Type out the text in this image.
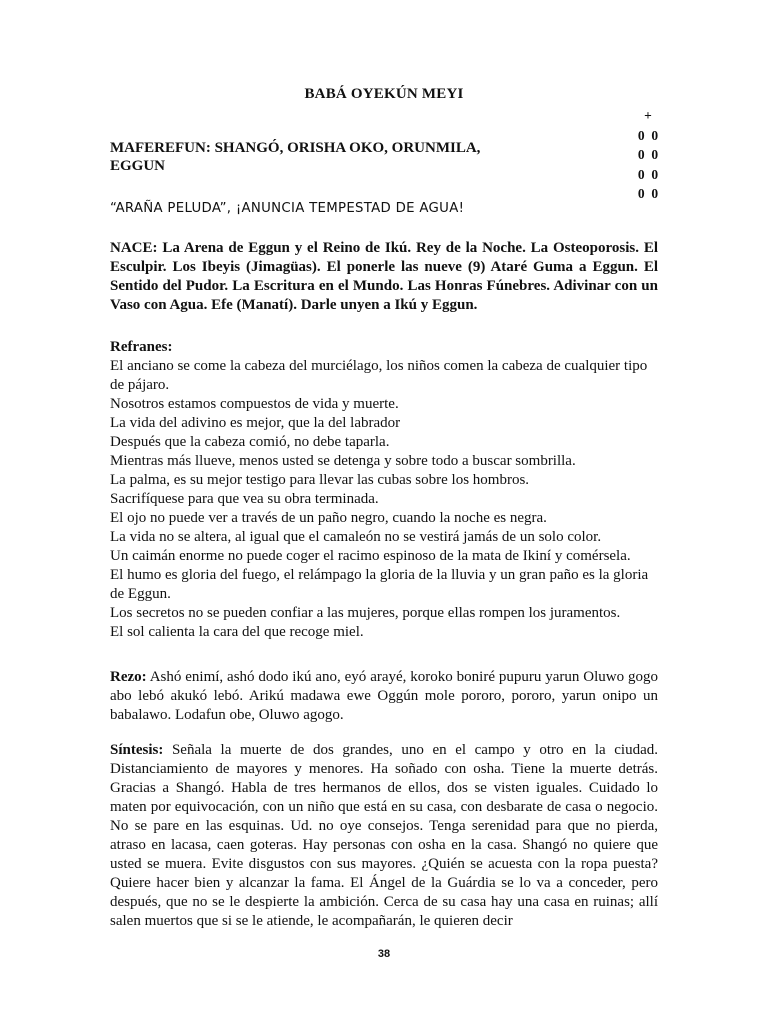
BABÁ OYEKÚN MEYI
+
0  0
0  0
0  0
0  0
MAFEREFUN: SHANGÓ, ORISHA OKO, ORUNMILA, EGGUN
“ARAÑA PELUDA”, ¡ANUNCIA TEMPESTAD DE AGUA!
NACE: La Arena de Eggun y el Reino de Ikú. Rey de la Noche. La Osteoporosis. El Esculpir. Los Ibeyis (Jimagüas). El ponerle las nueve (9) Ataré Guma a Eggun. El Sentido del Pudor. La Escritura en el Mundo. Las Honras Fúnebres. Adivinar con un Vaso con Agua. Efe (Manatí). Darle unyen a Ikú y Eggun.
Refranes:

El anciano se come la cabeza del murciélago, los niños comen la cabeza de cualquier tipo de pájaro.

Nosotros estamos compuestos de vida y muerte.

La vida del adivino es mejor, que la del labrador

Después que la cabeza comió, no debe taparla.

Mientras más llueve, menos usted se detenga y sobre todo a buscar sombrilla.

La palma, es su mejor testigo para llevar las cubas sobre los hombros.

Sacrifíquese para que vea su obra terminada.

El ojo no puede ver a través de un paño negro, cuando la noche es negra.

La vida no se altera, al igual que el camaleón no se vestirá jamás de un solo color.

Un caimán enorme no puede coger el racimo espinoso de la mata de Ikiní y comérsela.

El humo es gloria del fuego, el relámpago la gloria de la lluvia y un gran paño es la gloria de Eggun.

Los secretos no se pueden confiar a las mujeres, porque ellas rompen los juramentos.

El sol calienta la cara del que recoge miel.

Rezo: Ashó enimí, ashó dodo ikú ano, eyó arayé, koroko boniré pupuru yarun Oluwo gogo abo lebó akukó lebó. Arikú madawa ewe Oggún mole pororo, pororo, yarun onipo un babalawo. Lodafun obe, Oluwo agogo.
Síntesis: Señala la muerte de dos grandes, uno en el campo y otro en la ciudad. Distanciamiento de mayores y menores. Ha soñado con osha. Tiene la muerte detrás. Gracias a Shangó. Habla de tres hermanos de ellos, dos se visten iguales. Cuidado lo maten por equivocación, con un niño que está en su casa, con desbarate de casa o negocio. No se pare en las esquinas. Ud. no oye consejos. Tenga serenidad para que no pierda, atraso en lacasa, caen goteras. Hay personas con osha en la casa. Shangó no quiere que usted se muera. Evite disgustos con sus mayores. ¿Quién se acuesta con la ropa puesta? Quiere hacer bien y alcanzar la fama. El Ángel de la Guárdia se lo va a conceder, pero después, que no se le despierte la ambición. Cerca de su casa hay una casa en ruinas; allí salen muertos que si se le atiende, le acompañarán, le quieren decir
38
